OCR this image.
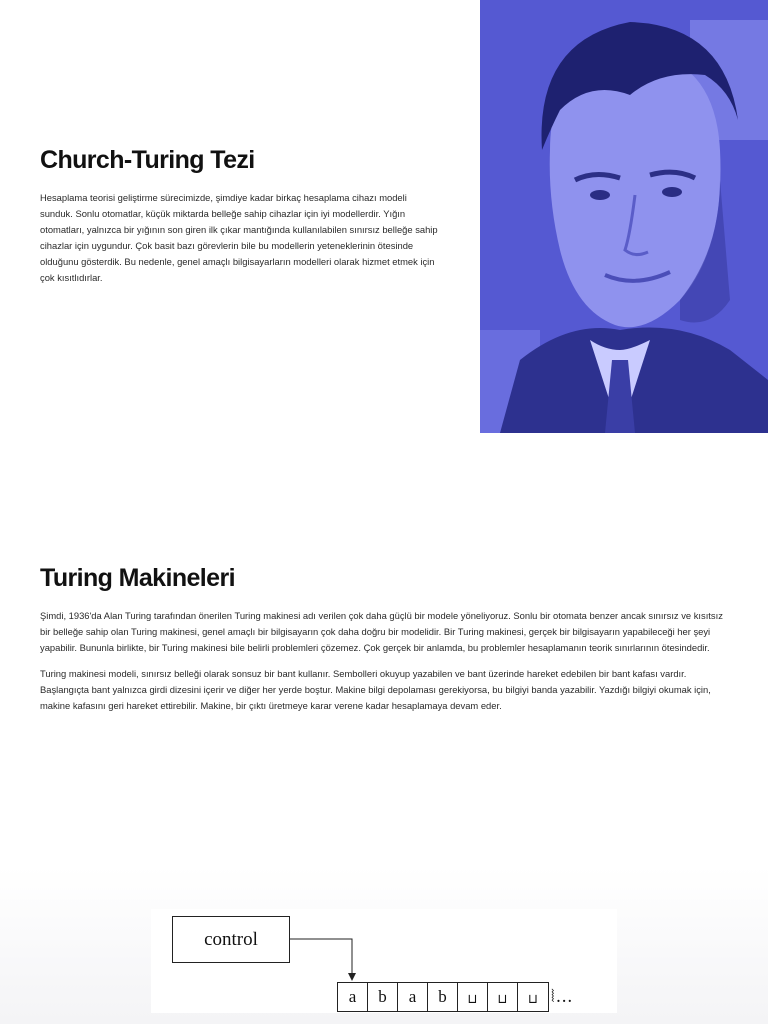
Church-Turing Tezi

Hesaplama teorisi geliştirme sürecimizde, şimdiye kadar birkaç hesaplama cihazı modeli sunduk. Sonlu otomatlar, küçük miktarda belleğe sahip cihazlar için iyi modellerdir. Yığın otomatları, yalnızca bir yığının son giren ilk çıkar mantığında kullanılabilen sınırsız belleğe sahip cihazlar için uygundur. Çok basit bazı görevlerin bile bu modellerin yeteneklerinin ötesinde olduğunu gösterdik. Bu nedenle, genel amaçlı bilgisayarların modelleri olarak hizmet etmek için çok kısıtlıdırlar.

Turing Makineleri

Şimdi, 1936'da Alan Turing tarafından önerilen Turing makinesi adı verilen çok daha güçlü bir modele yöneliyoruz. Sonlu bir otomata benzer ancak sınırsız ve kısıtsız bir belleğe sahip olan Turing makinesi, genel amaçlı bir bilgisayarın çok daha doğru bir modelidir. Bir Turing makinesi, gerçek bir bilgisayarın yapabileceği her şeyi yapabilir. Bununla birlikte, bir Turing makinesi bile belirli problemleri çözemez. Çok gerçek bir anlamda, bu problemler hesaplamanın teorik sınırlarının ötesindedir.

Turing makinesi modeli, sınırsız belleği olarak sonsuz bir bant kullanır. Sembolleri okuyup yazabilen ve bant üzerinde hareket edebilen bir bant kafası vardır. Başlangıçta bant yalnızca girdi dizesini içerir ve diğer her yerde boştur. Makine bilgi depolaması gerekiyorsa, bu bilgiyi banda yazabilir. Yazdığı bilgiyi okumak için, makine kafasını geri hareket ettirebilir. Makine, bir çıktı üretmeye karar verene kadar hesaplamaya devam eder.

control
a	b	a	b	⊔	⊔	⊔ ⦚…
